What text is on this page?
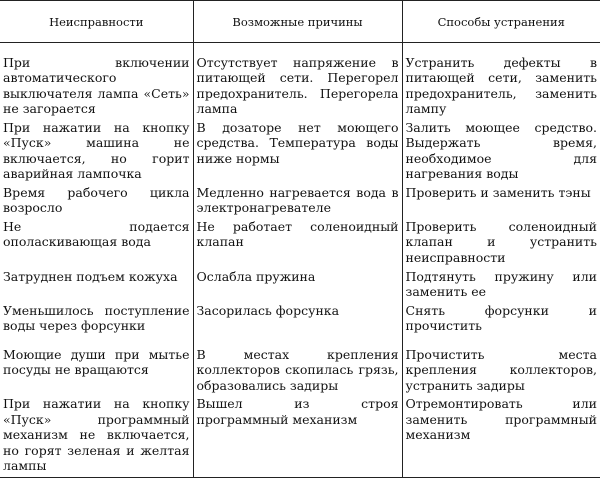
Неисправности	Возможные причины	Способы устранения

При включении автоматического выключателя лампа «Сеть» не загорается	Отсутствует напряжение в питающей сети. Перегорел предохранитель. Перегорела лампа	Устранить дефекты в питающей сети, заменить предохранитель, заменить лампу

При нажатии на кнопку «Пуск» машина не включается, но горит аварийная лампочка	В дозаторе нет моющего средства. Температура воды ниже нормы	Залить моющее средство. Выдержать время, необходимое для нагревания воды

Время рабочего цикла возросло	Медленно нагревается вода в электронагревателе	Проверить и заменить тэны

Не подается ополаскивающая вода	Не работает соленоидный клапан	Проверить соленоидный клапан и устранить неисправности

Затруднен подъем кожуха	Ослабла пружина	Подтянуть пружину или заменить ее

Уменьшилось поступление воды через форсунки	Засорилась форсунка	Снять форсунки и прочистить

Моющие души при мытье посуды не вращаются	В местах крепления коллекторов скопилась грязь, образовались задиры	Прочистить места крепления коллекторов, устранить задиры

При нажатии на кнопку «Пуск» программный механизм не включается, но горят зеленая и желтая лампы	Вышел из строя программный механизм	Отремонтировать или заменить программный механизм
